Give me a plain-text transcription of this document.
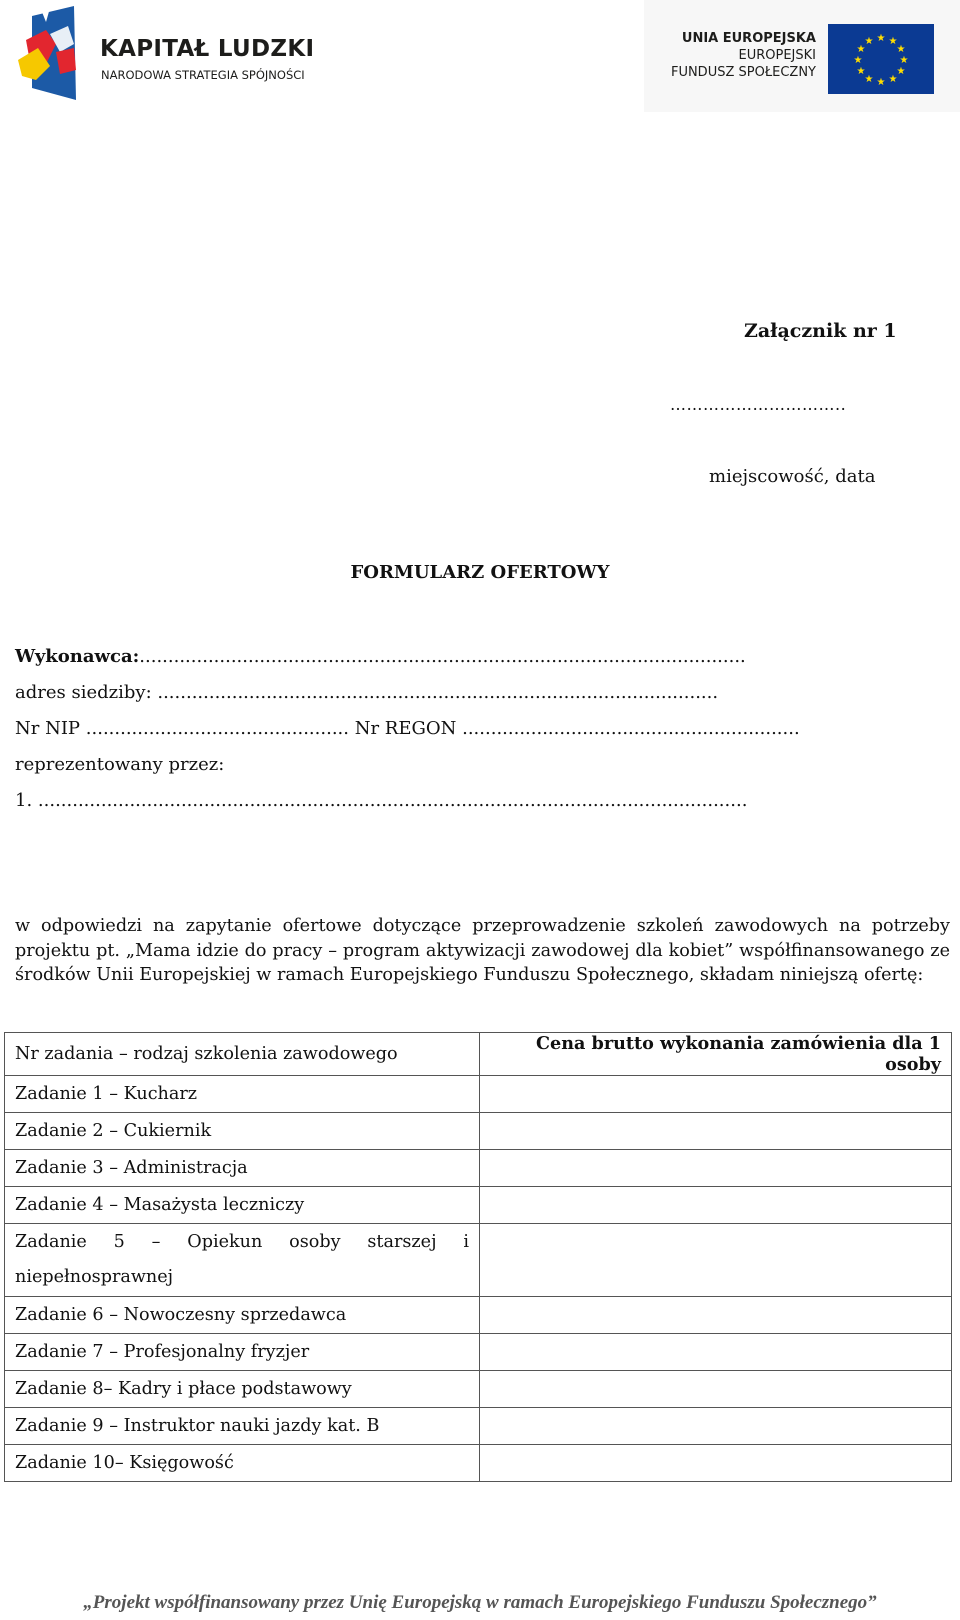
KAPITAŁ LUDZKI
NARODOWA STRATEGIA SPÓJNOŚCI
UNIA EUROPEJSKA
EUROPEJSKI
FUNDUSZ SPOŁECZNY
★ ★
★
★
★
★
★
★
★
★
★
★
Załącznik nr 1
…………………………..
miejscowość, data
FORMULARZ OFERTOWY
Wykonawca:..........................................................................................................
adres siedziby: ..................................................................................................
Nr NIP .............................................. Nr REGON ...........................................................
reprezentowany przez:
1. ............................................................................................................................
w odpowiedzi na zapytanie ofertowe dotyczące przeprowadzenie szkoleń zawodowych na potrzeby projektu pt. „Mama idzie do pracy – program aktywizacji zawodowej dla kobiet” współfinansowanego ze środków Unii Europejskiej w ramach Europejskiego Funduszu Społecznego, składam niniejszą ofertę:
Nr zadania – rodzaj szkolenia zawodowego	Cena brutto wykonania zamówienia dla 1 osoby
Zadanie 1 – Kucharz	
Zadanie 2 – Cukiernik	
Zadanie 3 – Administracja	
Zadanie 4 – Masażysta leczniczy	
Zadanie 5 – Opiekun osoby starszej i niepełnosprawnej	
Zadanie 6 – Nowoczesny sprzedawca	
Zadanie 7 – Profesjonalny fryzjer	
Zadanie 8– Kadry i płace podstawowy	
Zadanie 9 – Instruktor nauki jazdy kat. B	
Zadanie 10– Księgowość	
„Projekt współfinansowany przez Unię Europejską w ramach Europejskiego Funduszu Społecznego”
